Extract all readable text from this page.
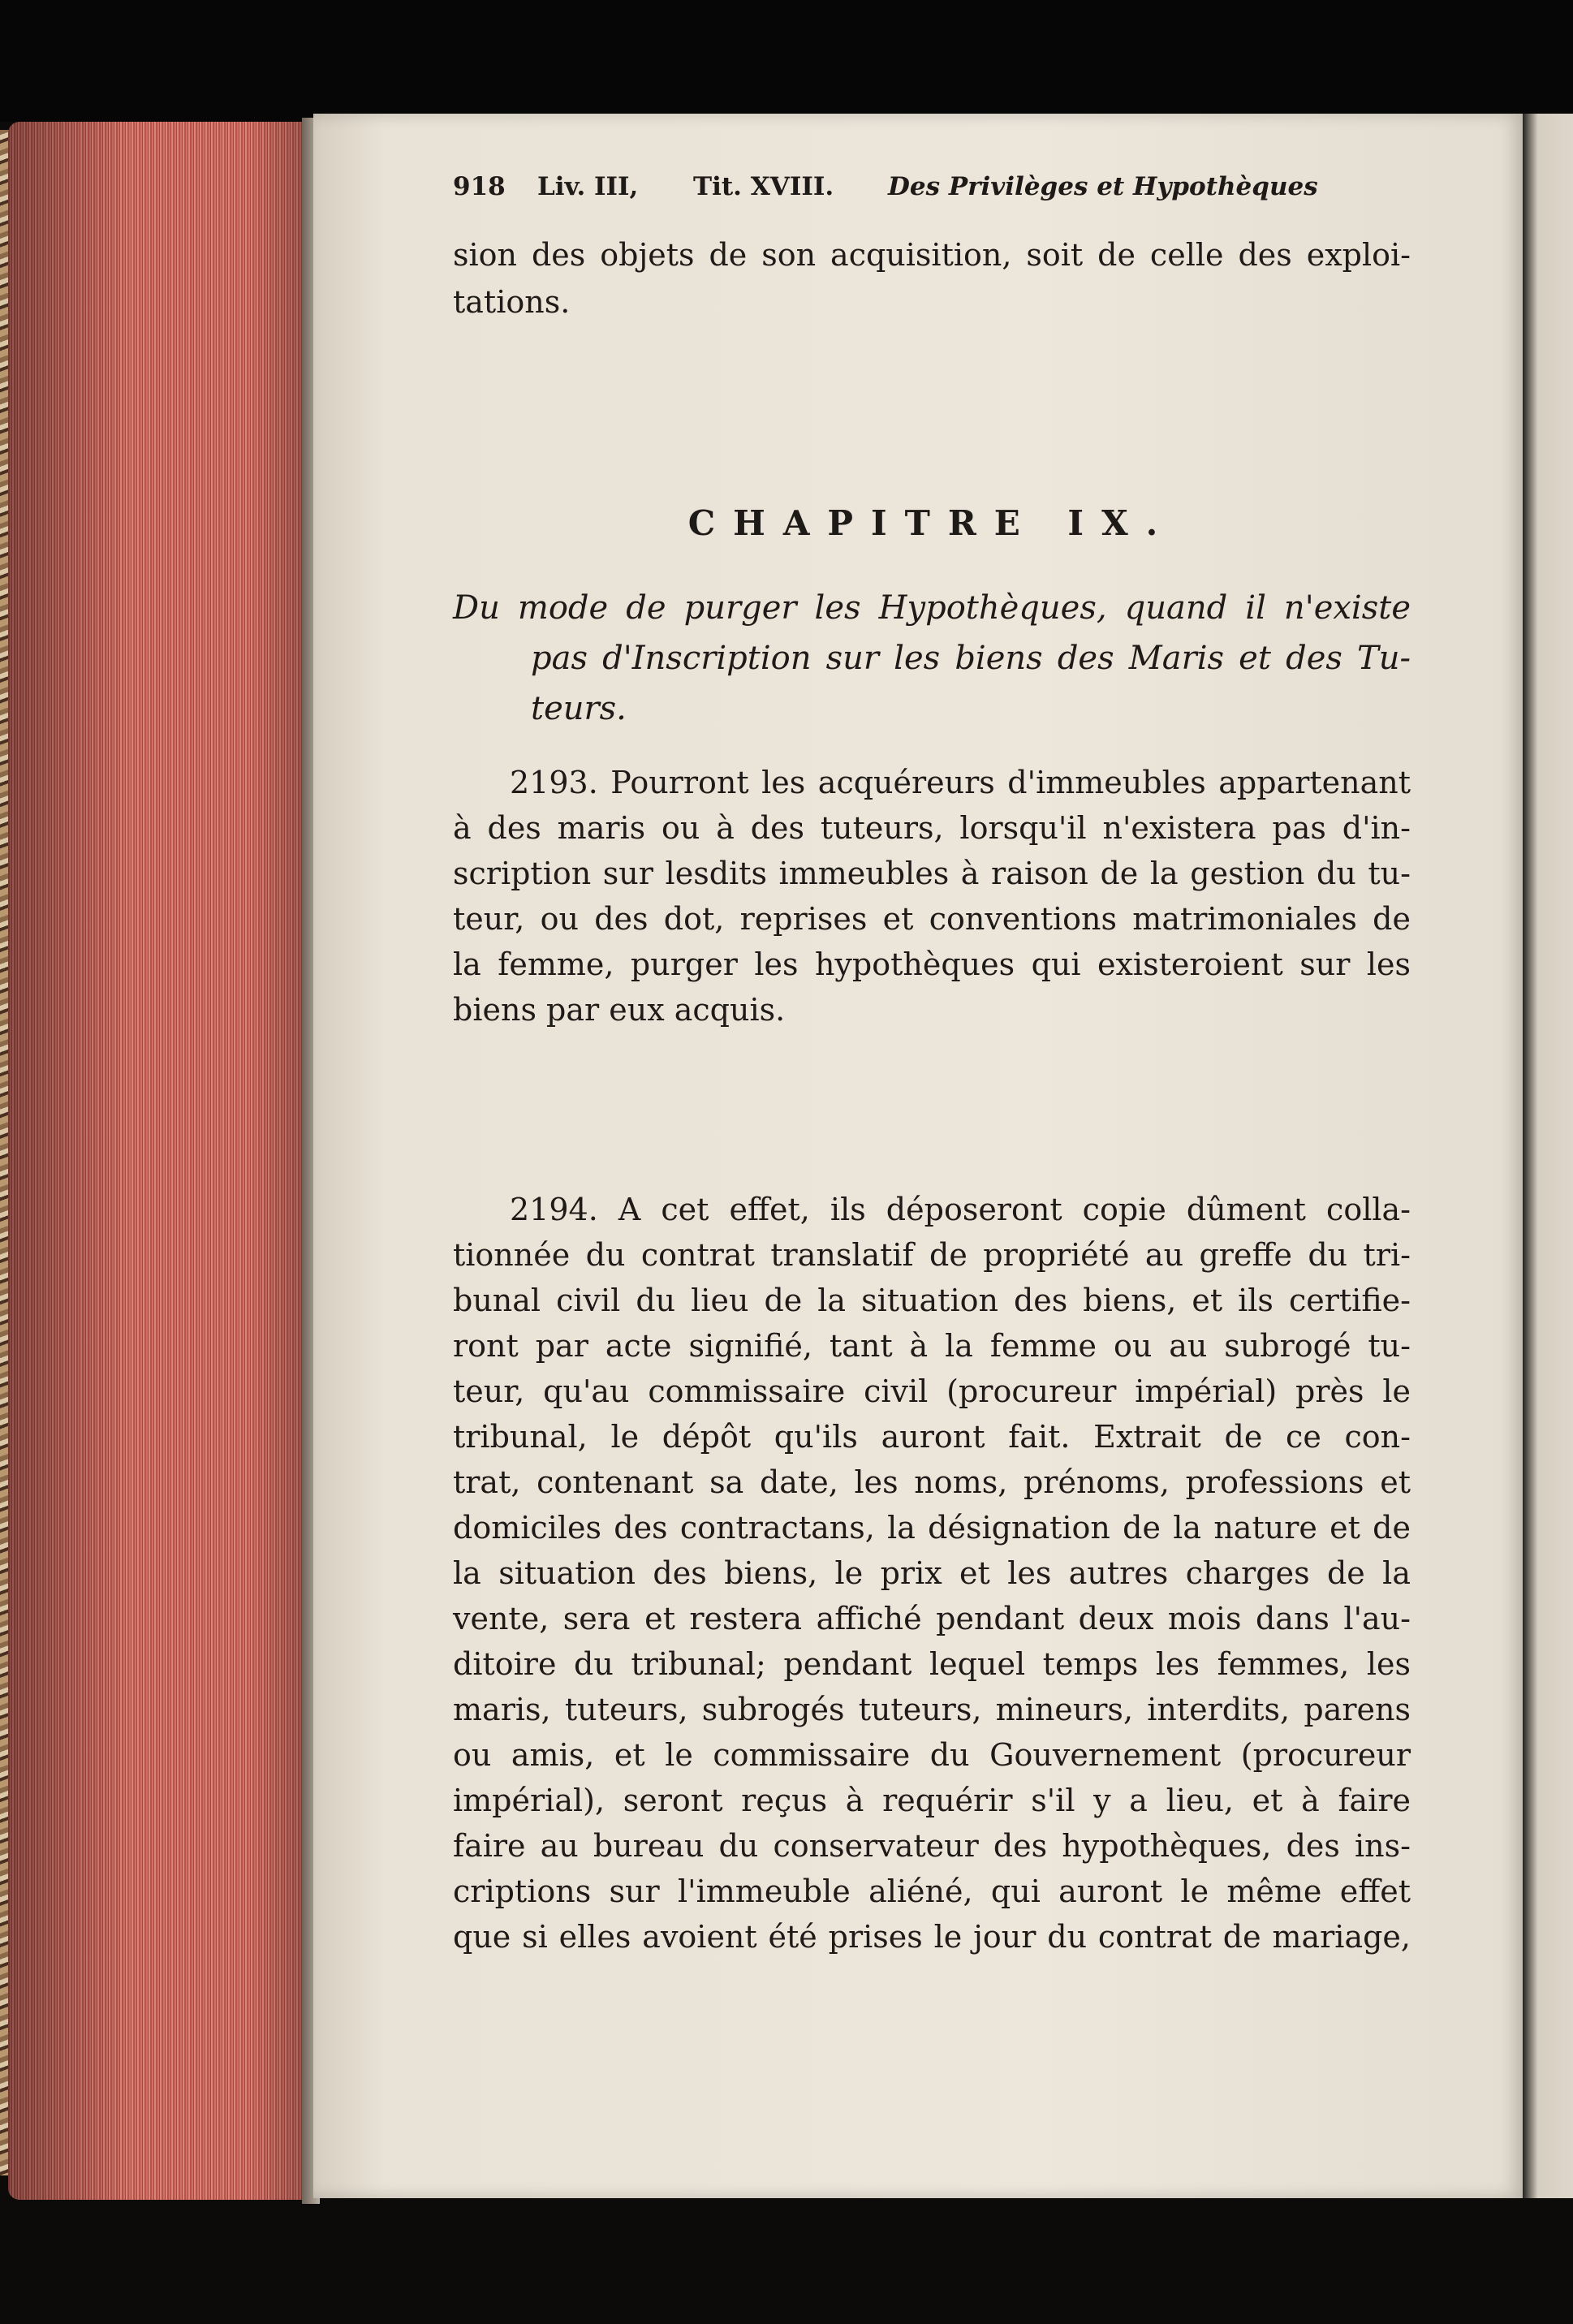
918 Liv. III, Tit. XVIII. Des Privilèges et Hypothèques
sion des objets de son acquisition, soit de celle des exploi-
tations.
CHAPITRE IX.
Du mode de purger les Hypothèques, quand il n'existe
pas d'Inscription sur les biens des Maris et des Tu-
teurs.
2193. Pourront les acquéreurs d'immeubles appartenant
à des maris ou à des tuteurs, lorsqu'il n'existera pas d'in-
scription sur lesdits immeubles à raison de la gestion du tu-
teur, ou des dot, reprises et conventions matrimoniales de
la femme, purger les hypothèques qui existeroient sur les
biens par eux acquis.
2194. A cet effet, ils déposeront copie dûment colla-
tionnée du contrat translatif de propriété au greffe du tri-
bunal civil du lieu de la situation des biens, et ils certifie-
ront par acte signifié, tant à la femme ou au subrogé tu-
teur, qu'au commissaire civil (procureur impérial) près le
tribunal, le dépôt qu'ils auront fait. Extrait de ce con-
trat, contenant sa date, les noms, prénoms, professions et
domiciles des contractans, la désignation de la nature et de
la situation des biens, le prix et les autres charges de la
vente, sera et restera affiché pendant deux mois dans l'au-
ditoire du tribunal; pendant lequel temps les femmes, les
maris, tuteurs, subrogés tuteurs, mineurs, interdits, parens
ou amis, et le commissaire du Gouvernement (procureur
impérial), seront reçus à requérir s'il y a lieu, et à faire
faire au bureau du conservateur des hypothèques, des ins-
criptions sur l'immeuble aliéné, qui auront le même effet
que si elles avoient été prises le jour du contrat de mariage,
